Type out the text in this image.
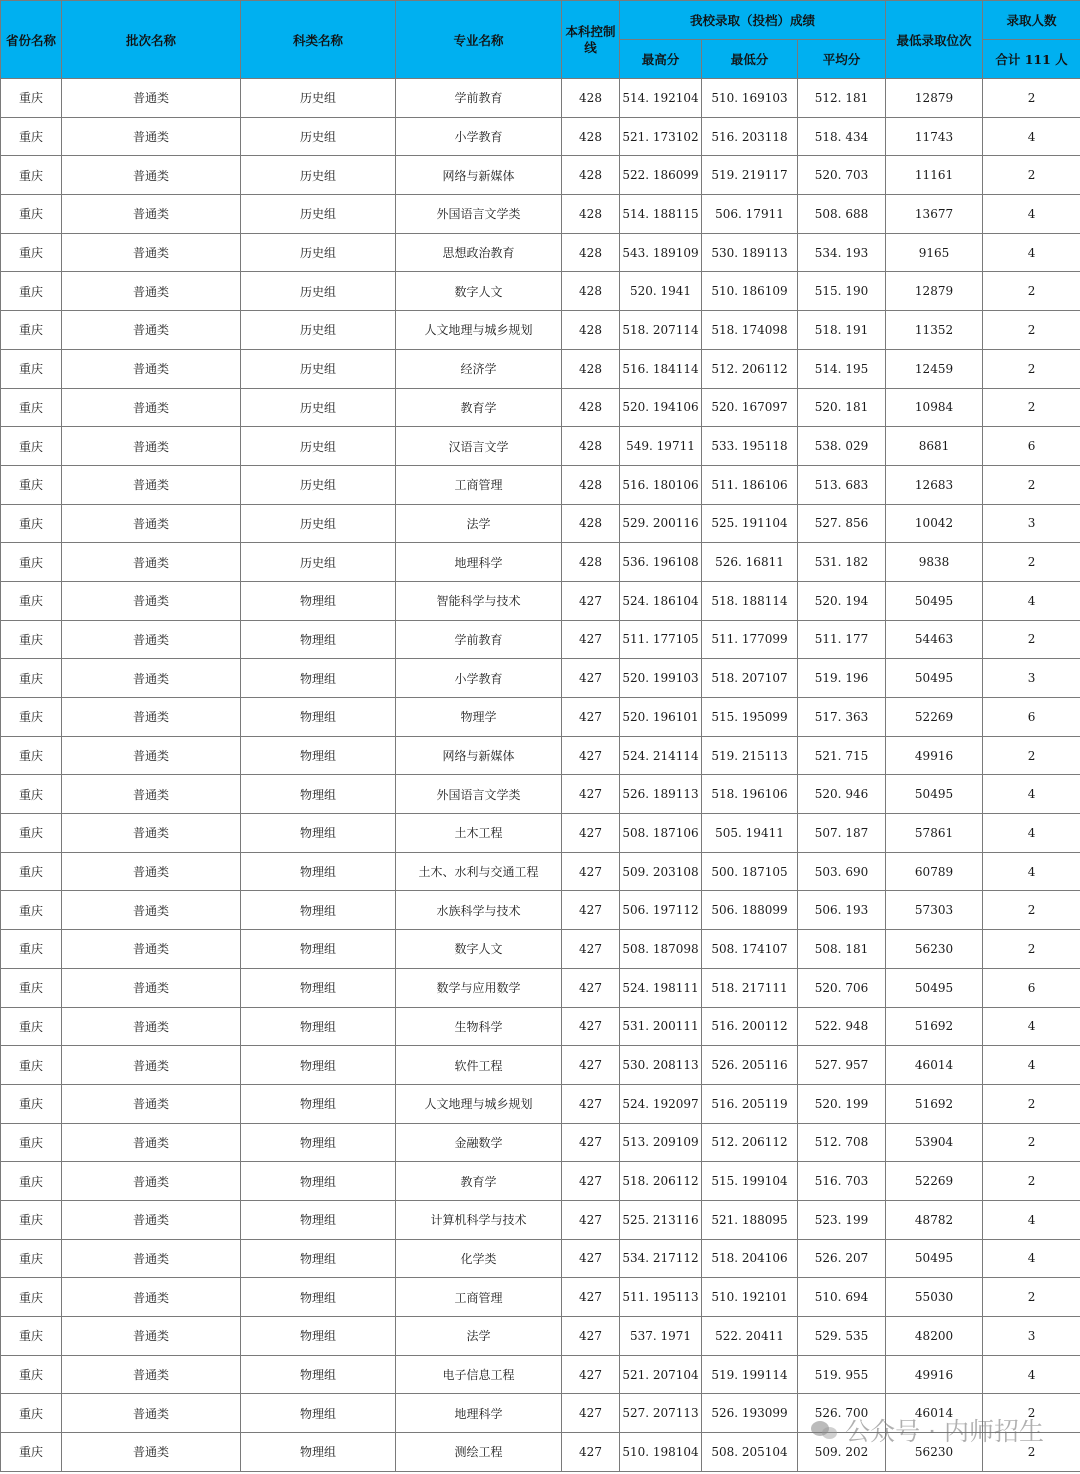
省份名称	批次名称	科类名称	专业名称	本科控制线	我校录取（投档）成绩			最低录取位次	录取人数
					最高分	最低分	平均分		合计 111 人
重庆	普通类	历史组	学前教育	428	514. 192104	510. 169103	512. 181	12879	2
重庆	普通类	历史组	小学教育	428	521. 173102	516. 203118	518. 434	11743	4
重庆	普通类	历史组	网络与新媒体	428	522. 186099	519. 219117	520. 703	11161	2
重庆	普通类	历史组	外国语言文学类	428	514. 188115	506. 17911	508. 688	13677	4
重庆	普通类	历史组	思想政治教育	428	543. 189109	530. 189113	534. 193	9165	4
重庆	普通类	历史组	数字人文	428	520. 1941	510. 186109	515. 190	12879	2
重庆	普通类	历史组	人文地理与城乡规划	428	518. 207114	518. 174098	518. 191	11352	2
重庆	普通类	历史组	经济学	428	516. 184114	512. 206112	514. 195	12459	2
重庆	普通类	历史组	教育学	428	520. 194106	520. 167097	520. 181	10984	2
重庆	普通类	历史组	汉语言文学	428	549. 19711	533. 195118	538. 029	8681	6
重庆	普通类	历史组	工商管理	428	516. 180106	511. 186106	513. 683	12683	2
重庆	普通类	历史组	法学	428	529. 200116	525. 191104	527. 856	10042	3
重庆	普通类	历史组	地理科学	428	536. 196108	526. 16811	531. 182	9838	2
重庆	普通类	物理组	智能科学与技术	427	524. 186104	518. 188114	520. 194	50495	4
重庆	普通类	物理组	学前教育	427	511. 177105	511. 177099	511. 177	54463	2
重庆	普通类	物理组	小学教育	427	520. 199103	518. 207107	519. 196	50495	3
重庆	普通类	物理组	物理学	427	520. 196101	515. 195099	517. 363	52269	6
重庆	普通类	物理组	网络与新媒体	427	524. 214114	519. 215113	521. 715	49916	2
重庆	普通类	物理组	外国语言文学类	427	526. 189113	518. 196106	520. 946	50495	4
重庆	普通类	物理组	土木工程	427	508. 187106	505. 19411	507. 187	57861	4
重庆	普通类	物理组	土木、水利与交通工程	427	509. 203108	500. 187105	503. 690	60789	4
重庆	普通类	物理组	水族科学与技术	427	506. 197112	506. 188099	506. 193	57303	2
重庆	普通类	物理组	数字人文	427	508. 187098	508. 174107	508. 181	56230	2
重庆	普通类	物理组	数学与应用数学	427	524. 198111	518. 217111	520. 706	50495	6
重庆	普通类	物理组	生物科学	427	531. 200111	516. 200112	522. 948	51692	4
重庆	普通类	物理组	软件工程	427	530. 208113	526. 205116	527. 957	46014	4
重庆	普通类	物理组	人文地理与城乡规划	427	524. 192097	516. 205119	520. 199	51692	2
重庆	普通类	物理组	金融数学	427	513. 209109	512. 206112	512. 708	53904	2
重庆	普通类	物理组	教育学	427	518. 206112	515. 199104	516. 703	52269	2
重庆	普通类	物理组	计算机科学与技术	427	525. 213116	521. 188095	523. 199	48782	4
重庆	普通类	物理组	化学类	427	534. 217112	518. 204106	526. 207	50495	4
重庆	普通类	物理组	工商管理	427	511. 195113	510. 192101	510. 694	55030	2
重庆	普通类	物理组	法学	427	537. 1971	522. 20411	529. 535	48200	3
重庆	普通类	物理组	电子信息工程	427	521. 207104	519. 199114	519. 955	49916	4
重庆	普通类	物理组	地理科学	427	527. 207113	526. 193099	526. 700	46014	2
重庆	普通类	物理组	测绘工程	427	510. 198104	508. 205104	509. 202	56230	2
公众号 · 内师招生
